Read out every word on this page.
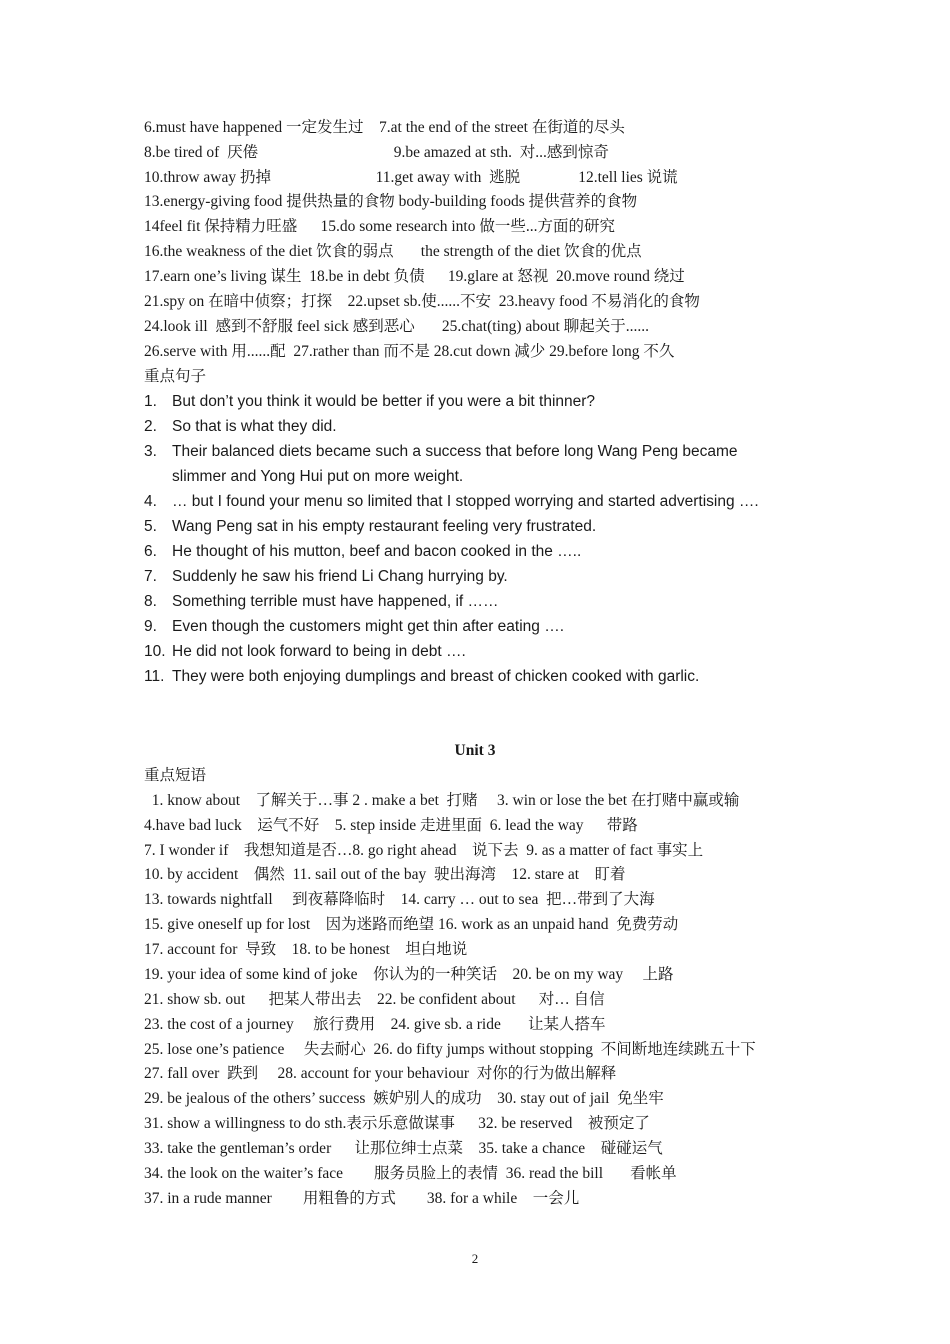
6.must have happened 一定发生过    7.at the end of the street 在街道的尽头
8.be tired of  厌倦                                   9.be amazed at sth.  对...感到惊奇
10.throw away 扔掉                           11.get away with  逃脱               12.tell lies 说谎
13.energy-giving food 提供热量的食物 body-building foods 提供营养的食物
14feel fit 保持精力旺盛      15.do some research into 做一些...方面的研究
16.the weakness of the diet 饮食的弱点       the strength of the diet 饮食的优点
17.earn one’s living 谋生  18.be in debt 负债      19.glare at 怒视  20.move round 绕过
21.spy on 在暗中侦察；打探    22.upset sb.使......不安  23.heavy food 不易消化的食物
24.look ill  感到不舒服 feel sick 感到恶心       25.chat(ting) about 聊起关于......
26.serve with 用......配  27.rather than 而不是 28.cut down 减少 29.before long 不久
重点句子
1. But don’t you think it would be better if you were a bit thinner?
2. So that is what they did.
3. Their balanced diets became such a success that before long Wang Peng became
slimmer and Yong Hui put on more weight.
4. … but I found your menu so limited that I stopped worrying and started advertising ….
5. Wang Peng sat in his empty restaurant feeling very frustrated.
6. He thought of his mutton, beef and bacon cooked in the …..
7. Suddenly he saw his friend Li Chang hurrying by.
8. Something terrible must have happened, if ……
9. Even though the customers might get thin after eating ….
10. He did not look forward to being in debt ….
11. They were both enjoying dumplings and breast of chicken cooked with garlic.
Unit 3
重点短语
1. know about    了解关于…事 2 . make a bet  打赌     3. win or lose the bet 在打赌中赢或输
4.have bad luck    运气不好    5. step inside 走进里面  6. lead the way      带路
7. I wonder if    我想知道是否…8. go right ahead    说下去  9. as a matter of fact 事实上
10. by accident    偶然  11. sail out of the bay  驶出海湾    12. stare at    盯着
13. towards nightfall     到夜幕降临时    14. carry … out to sea  把…带到了大海
15. give oneself up for lost    因为迷路而绝望 16. work as an unpaid hand  免费劳动
17. account for  导致    18. to be honest    坦白地说
19. your idea of some kind of joke    你认为的一种笑话    20. be on my way     上路
21. show sb. out      把某人带出去    22. be confident about      对… 自信
23. the cost of a journey     旅行费用    24. give sb. a ride       让某人搭车
25. lose one’s patience     失去耐心  26. do fifty jumps without stopping  不间断地连续跳五十下
27. fall over  跌到     28. account for your behaviour  对你的行为做出解释
29. be jealous of the others’ success  嫉妒别人的成功    30. stay out of jail  免坐牢
31. show a willingness to do sth.表示乐意做谋事      32. be reserved    被预定了
33. take the gentleman’s order      让那位绅士点菜    35. take a chance    碰碰运气
34. the look on the waiter’s face        服务员脸上的表情  36. read the bill       看帐单
37. in a rude manner        用粗鲁的方式        38. for a while    一会儿
2
